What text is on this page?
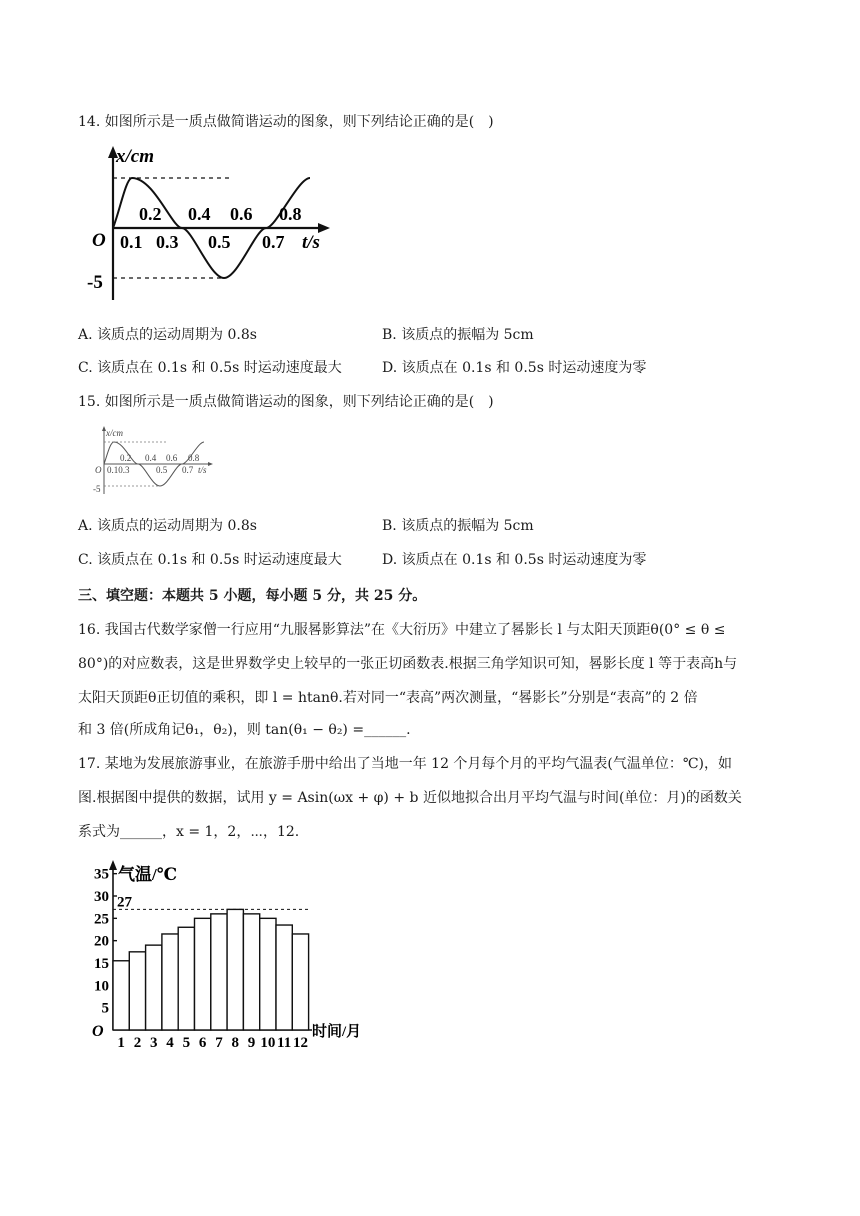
14. 如图所示是一质点做简谐运动的图象，则下列结论正确的是(　)
x/cm
O
-5
0.2 0.4 0.6 0.8
0.1 0.3 0.5 0.7 t/s
A. 该质点的运动周期为 0.8s	B. 该质点的振幅为 5cm
C. 该质点在 0.1s 和 0.5s 时运动速度最大	D. 该质点在 0.1s 和 0.5s 时运动速度为零
15. 如图所示是一质点做简谐运动的图象，则下列结论正确的是(　)
x/cm
O
-5
0.2 0.4 0.6 0.8
0.10.3	0.5 0.7 t/s
A. 该质点的运动周期为 0.8s	B. 该质点的振幅为 5cm
C. 该质点在 0.1s 和 0.5s 时运动速度最大	D. 该质点在 0.1s 和 0.5s 时运动速度为零
三、填空题：本题共 5 小题，每小题 5 分，共 25 分。
16. 我国古代数学家僧一行应用“九服晷影算法”在《大衍历》中建立了晷影长 l 与太阳天顶距θ(0° ≤ θ ≤
80°)的对应数表，这是世界数学史上较早的一张正切函数表.根据三角学知识可知，晷影长度 l 等于表高h与
太阳天顶距θ正切值的乘积，即 l = htanθ.若对同一“表高”两次测量，“晷影长”分别是“表高”的 2 倍
和 3 倍(所成角记θ₁，θ₂)，则 tan(θ₁ − θ₂) =______.
17. 某地为发展旅游事业，在旅游手册中给出了当地一年 12 个月每个月的平均气温表(气温单位：℃)，如
图.根据图中提供的数据，试用 y = Asin(ωx + φ) + b 近似地拟合出月平均气温与时间(单位：月)的函数关
系式为______，x = 1，2，⋯，12.
气温/℃
O	时间/月
5
10
15
20
25
30
35
27
1 2 3 4 5 6 7 8 9 10 11 12
